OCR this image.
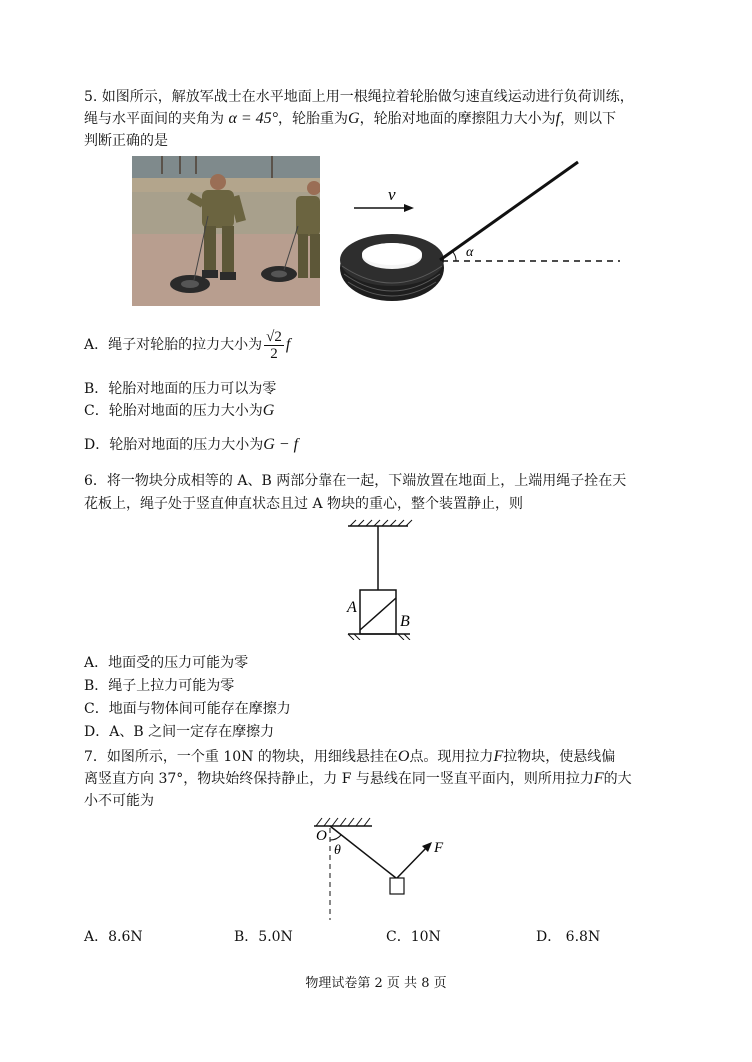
5. 如图所示，解放军战士在水平地面上用一根绳拉着轮胎做匀速直线运动进行负荷训练，
绳与水平面间的夹角为 α = 45°，轮胎重为G，轮胎对地面的摩擦阻力大小为f，则以下
判断正确的是
v
α
A．绳子对轮胎的拉力大小为 $\frac{√2}{2}$ f
B．轮胎对地面的压力可以为零
C．轮胎对地面的压力大小为G
D．轮胎对地面的压力大小为G − f
6．将一物块分成相等的 A、B 两部分靠在一起，下端放置在地面上，上端用绳子拴在天
花板上，绳子处于竖直伸直状态且过 A 物块的重心，整个装置静止，则
A
B
A．地面受的压力可能为零
B．绳子上拉力可能为零
C．地面与物体间可能存在摩擦力
D．A、B 之间一定存在摩擦力
7．如图所示，一个重 10N 的物块，用细线悬挂在O点。现用拉力F拉物块，使悬线偏
离竖直方向 37°，物块始终保持静止，力 F 与悬线在同一竖直平面内，则所用拉力F的大
小不可能为
O
θ	F
A．8.6N	B．5.0N	C．10N	D． 6.8N
物理试卷第 2 页 共 8 页
